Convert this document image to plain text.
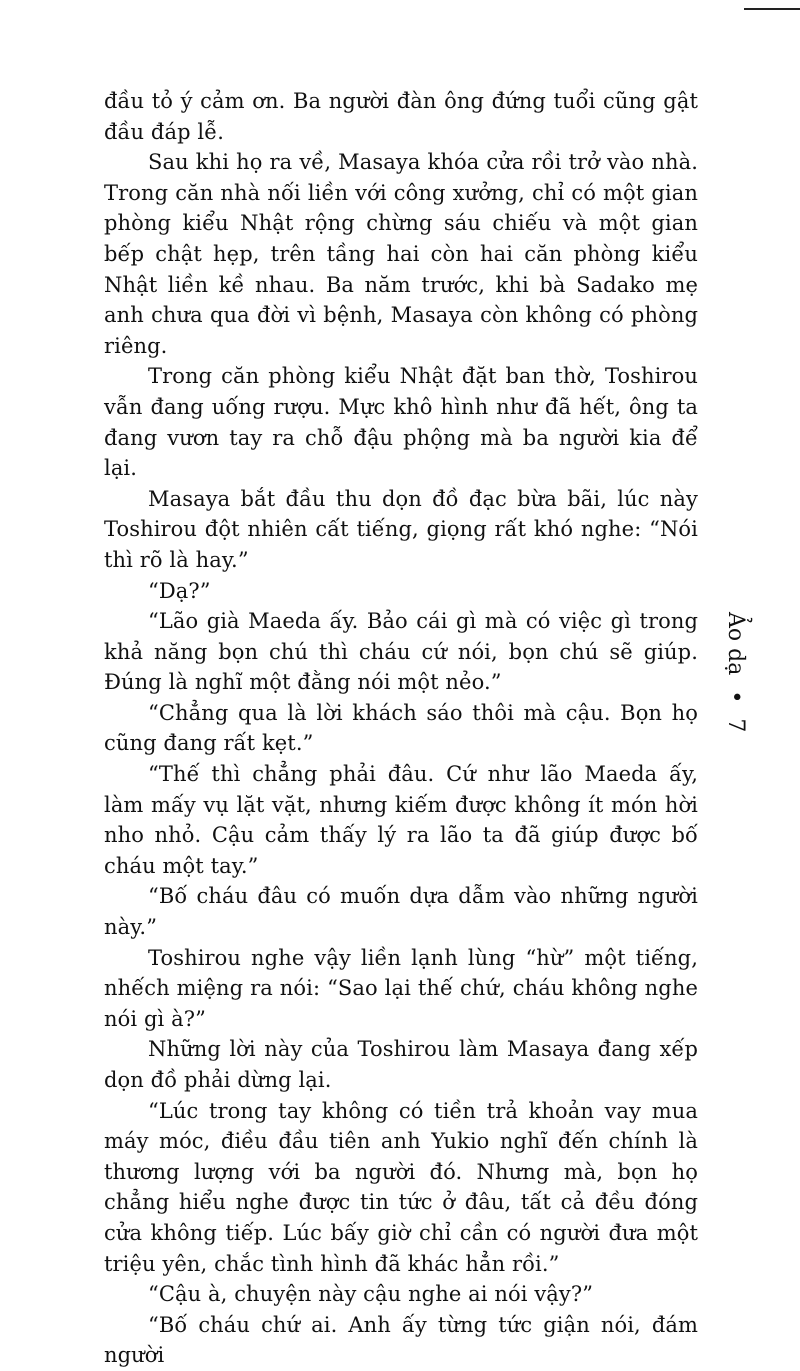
đầu tỏ ý cảm ơn. Ba người đàn ông đứng tuổi cũng gật đầu đáp lễ.

Sau khi họ ra về, Masaya khóa cửa rồi trở vào nhà. Trong căn nhà nối liền với công xưởng, chỉ có một gian phòng kiểu Nhật rộng chừng sáu chiếu và một gian bếp chật hẹp, trên tầng hai còn hai căn phòng kiểu Nhật liền kề nhau. Ba năm trước, khi bà Sadako mẹ anh chưa qua đời vì bệnh, Masaya còn không có phòng riêng.

Trong căn phòng kiểu Nhật đặt ban thờ, Toshirou vẫn đang uống rượu. Mực khô hình như đã hết, ông ta đang vươn tay ra chỗ đậu phộng mà ba người kia để lại.

Masaya bắt đầu thu dọn đồ đạc bừa bãi, lúc này Toshirou đột nhiên cất tiếng, giọng rất khó nghe: “Nói thì rõ là hay.”

“Dạ?”

“Lão già Maeda ấy. Bảo cái gì mà có việc gì trong khả năng bọn chú thì cháu cứ nói, bọn chú sẽ giúp. Đúng là nghĩ một đằng nói một nẻo.”

“Chẳng qua là lời khách sáo thôi mà cậu. Bọn họ cũng đang rất kẹt.”

“Thế thì chẳng phải đâu. Cứ như lão Maeda ấy, làm mấy vụ lặt vặt, nhưng kiếm được không ít món hời nho nhỏ. Cậu cảm thấy lý ra lão ta đã giúp được bố cháu một tay.”

“Bố cháu đâu có muốn dựa dẫm vào những người này.”

Toshirou nghe vậy liền lạnh lùng “hừ” một tiếng, nhếch miệng ra nói: “Sao lại thế chứ, cháu không nghe nói gì à?”

Những lời này của Toshirou làm Masaya đang xếp dọn đồ phải dừng lại.

“Lúc trong tay không có tiền trả khoản vay mua máy móc, điều đầu tiên anh Yukio nghĩ đến chính là thương lượng với ba người đó. Nhưng mà, bọn họ chẳng hiểu nghe được tin tức ở đâu, tất cả đều đóng cửa không tiếp. Lúc bấy giờ chỉ cần có người đưa một triệu yên, chắc tình hình đã khác hẳn rồi.”

“Cậu à, chuyện này cậu nghe ai nói vậy?”

“Bố cháu chứ ai. Anh ấy từng tức giận nói, đám người

Ảo dạ • 7
